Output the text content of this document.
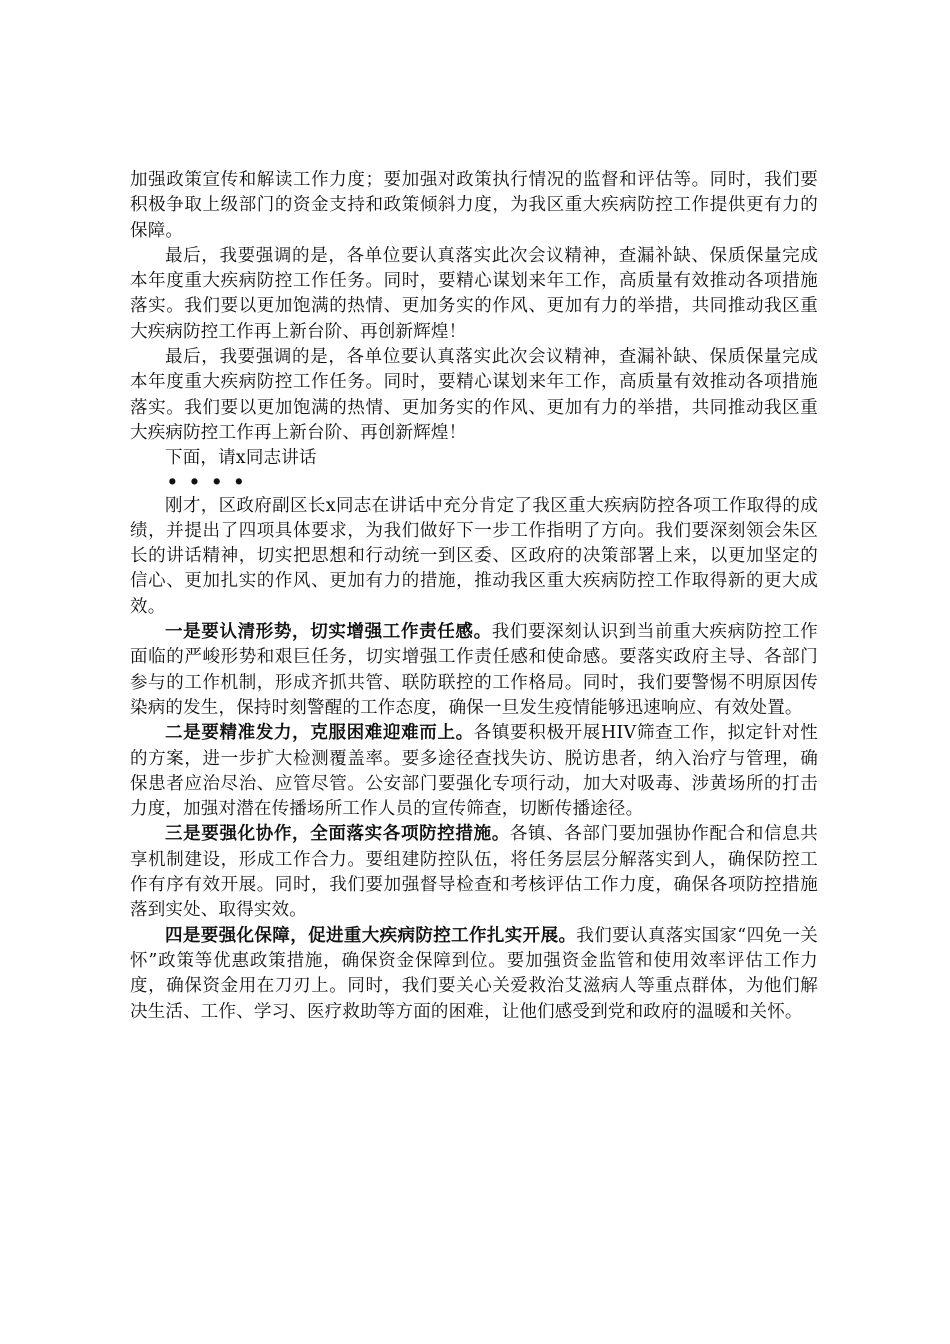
加强政策宣传和解读工作力度；要加强对政策执行情况的监督和评估等。同时，我们要积极争取上级部门的资金支持和政策倾斜力度，为我区重大疾病防控工作提供更有力的保障。

最后，我要强调的是，各单位要认真落实此次会议精神，查漏补缺、保质保量完成本年度重大疾病防控工作任务。同时，要精心谋划来年工作，高质量有效推动各项措施落实。我们要以更加饱满的热情、更加务实的作风、更加有力的举措，共同推动我区重大疾病防控工作再上新台阶、再创新辉煌！

最后，我要强调的是，各单位要认真落实此次会议精神，查漏补缺、保质保量完成本年度重大疾病防控工作任务。同时，要精心谋划来年工作，高质量有效推动各项措施落实。我们要以更加饱满的热情、更加务实的作风、更加有力的举措，共同推动我区重大疾病防控工作再上新台阶、再创新辉煌！

下面，请x同志讲话

••••

刚才，区政府副区长x同志在讲话中充分肯定了我区重大疾病防控各项工作取得的成绩，并提出了四项具体要求，为我们做好下一步工作指明了方向。我们要深刻领会朱区长的讲话精神，切实把思想和行动统一到区委、区政府的决策部署上来，以更加坚定的信心、更加扎实的作风、更加有力的措施，推动我区重大疾病防控工作取得新的更大成效。

一是要认清形势，切实增强工作责任感。我们要深刻认识到当前重大疾病防控工作面临的严峻形势和艰巨任务，切实增强工作责任感和使命感。要落实政府主导、各部门参与的工作机制，形成齐抓共管、联防联控的工作格局。同时，我们要警惕不明原因传染病的发生，保持时刻警醒的工作态度，确保一旦发生疫情能够迅速响应、有效处置。

二是要精准发力，克服困难迎难而上。各镇要积极开展HIV筛查工作，拟定针对性的方案，进一步扩大检测覆盖率。要多途径查找失访、脱访患者，纳入治疗与管理，确保患者应治尽治、应管尽管。公安部门要强化专项行动，加大对吸毒、涉黄场所的打击力度，加强对潜在传播场所工作人员的宣传筛查，切断传播途径。

三是要强化协作，全面落实各项防控措施。各镇、各部门要加强协作配合和信息共享机制建设，形成工作合力。要组建防控队伍，将任务层层分解落实到人，确保防控工作有序有效开展。同时，我们要加强督导检查和考核评估工作力度，确保各项防控措施落到实处、取得实效。

四是要强化保障，促进重大疾病防控工作扎实开展。我们要认真落实国家“四免一关怀”政策等优惠政策措施，确保资金保障到位。要加强资金监管和使用效率评估工作力度，确保资金用在刀刃上。同时，我们要关心关爱救治艾滋病人等重点群体，为他们解决生活、工作、学习、医疗救助等方面的困难，让他们感受到党和政府的温暖和关怀。
